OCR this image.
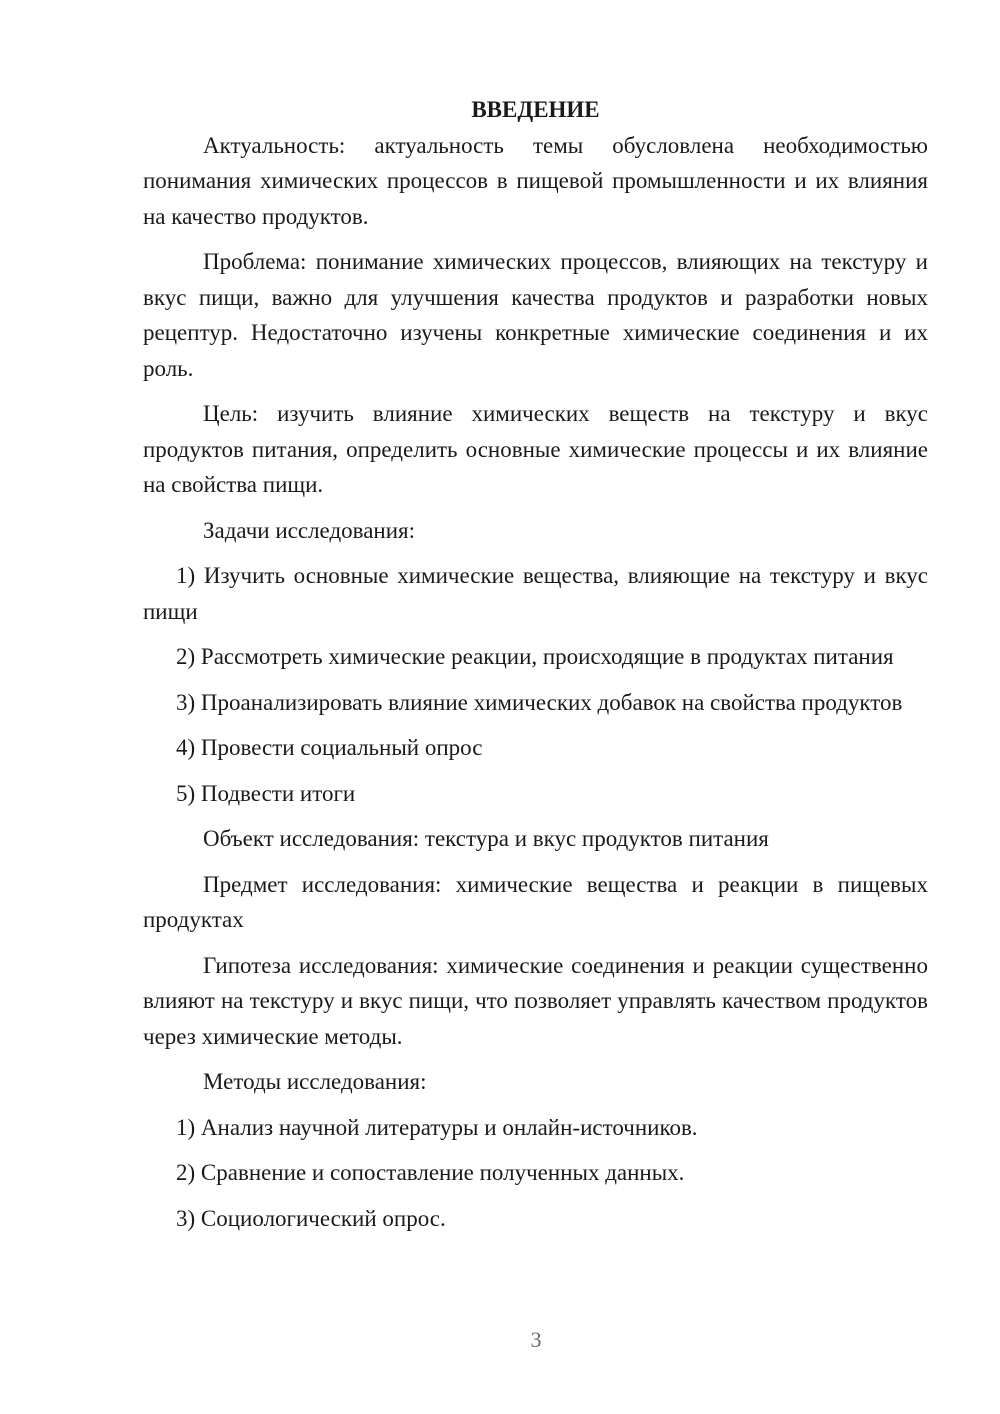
ВВЕДЕНИЕ
Актуальность: актуальность темы обусловлена необходимостью понимания химических процессов в пищевой промышленности и их влияния на качество продуктов.
Проблема: понимание химических процессов, влияющих на текстуру и вкус пищи, важно для улучшения качества продуктов и разработки новых рецептур. Недостаточно изучены конкретные химические соединения и их роль.
Цель: изучить влияние химических веществ на текстуру и вкус продуктов питания, определить основные химические процессы и их влияние на свойства пищи.
Задачи исследования:
1) Изучить основные химические вещества, влияющие на текстуру и вкус пищи
2) Рассмотреть химические реакции, происходящие в продуктах питания
3) Проанализировать влияние химических добавок на свойства продуктов
4) Провести социальный опрос
5) Подвести итоги
Объект исследования: текстура и вкус продуктов питания
Предмет исследования: химические вещества и реакции в пищевых продуктах
Гипотеза исследования: химические соединения и реакции существенно влияют на текстуру и вкус пищи, что позволяет управлять качеством продуктов через химические методы.
Методы исследования:
1) Анализ научной литературы и онлайн-источников.
2) Сравнение и сопоставление полученных данных.
3) Социологический опрос.
3
